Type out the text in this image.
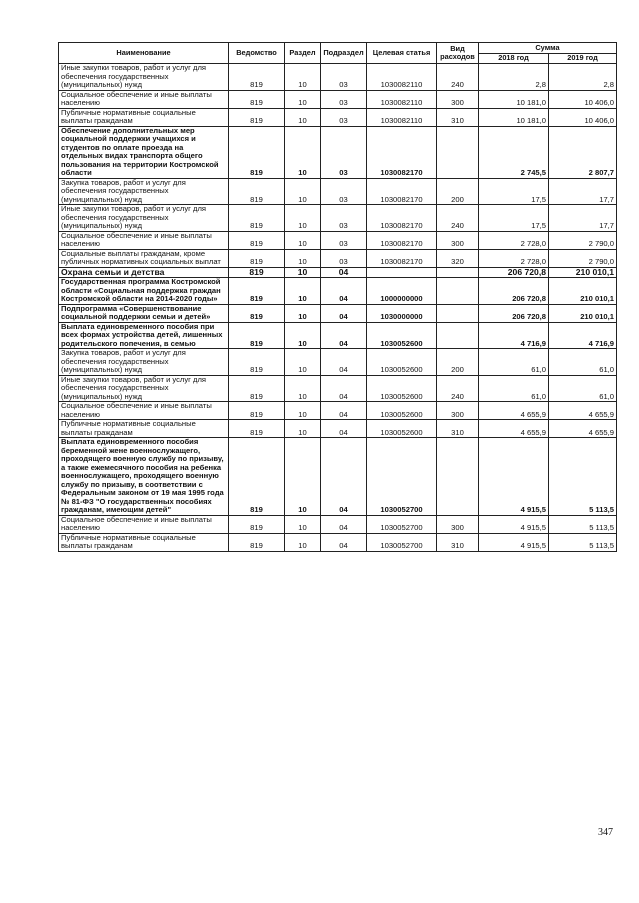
Наименование	Ведомство	Раздел	Подраздел	Целевая статья	Вид расходов	Сумма	
						2018 год	2019 год
Иные закупки товаров, работ и услуг для обеспечения государственных (муниципальных) нужд	819	10	03	1030082110	240	2,8	2,8
Социальное обеспечение и иные выплаты населению	819	10	03	1030082110	300	10 181,0	10 406,0
Публичные нормативные социальные выплаты гражданам	819	10	03	1030082110	310	10 181,0	10 406,0
Обеспечение дополнительных мер социальной поддержки учащихся и студентов по оплате проезда на отдельных видах транспорта общего пользования на территории Костромской области	819	10	03	1030082170		2 745,5	2 807,7
Закупка товаров, работ и услуг для обеспечения государственных (муниципальных) нужд	819	10	03	1030082170	200	17,5	17,7
Иные закупки товаров, работ и услуг для обеспечения государственных (муниципальных) нужд	819	10	03	1030082170	240	17,5	17,7
Социальное обеспечение и иные выплаты населению	819	10	03	1030082170	300	2 728,0	2 790,0
Социальные выплаты гражданам, кроме публичных нормативных социальных выплат	819	10	03	1030082170	320	2 728,0	2 790,0
Охрана семьи и детства	819	10	04			206 720,8	210 010,1
Государственная программа Костромской области «Социальная поддержка граждан Костромской области на 2014-2020 годы»	819	10	04	1000000000		206 720,8	210 010,1
Подпрограмма «Совершенствование социальной поддержки семьи и детей»	819	10	04	1030000000		206 720,8	210 010,1
Выплата единовременного пособия при всех формах устройства детей, лишенных родительского попечения, в семью	819	10	04	1030052600		4 716,9	4 716,9
Закупка товаров, работ и услуг для обеспечения государственных (муниципальных) нужд	819	10	04	1030052600	200	61,0	61,0
Иные закупки товаров, работ и услуг для обеспечения государственных (муниципальных) нужд	819	10	04	1030052600	240	61,0	61,0
Социальное обеспечение и иные выплаты населению	819	10	04	1030052600	300	4 655,9	4 655,9
Публичные нормативные социальные выплаты гражданам	819	10	04	1030052600	310	4 655,9	4 655,9
Выплата единовременного пособия беременной жене военнослужащего, проходящего военную службу по призыву, а также ежемесячного пособия на ребенка военнослужащего, проходящего военную службу по призыву, в соответствии с Федеральным законом от 19 мая 1995 года № 81-ФЗ "О государственных пособиях гражданам, имеющим детей"	819	10	04	1030052700		4 915,5	5 113,5
Социальное обеспечение и иные выплаты населению	819	10	04	1030052700	300	4 915,5	5 113,5
Публичные нормативные социальные выплаты гражданам	819	10	04	1030052700	310	4 915,5	5 113,5
347
